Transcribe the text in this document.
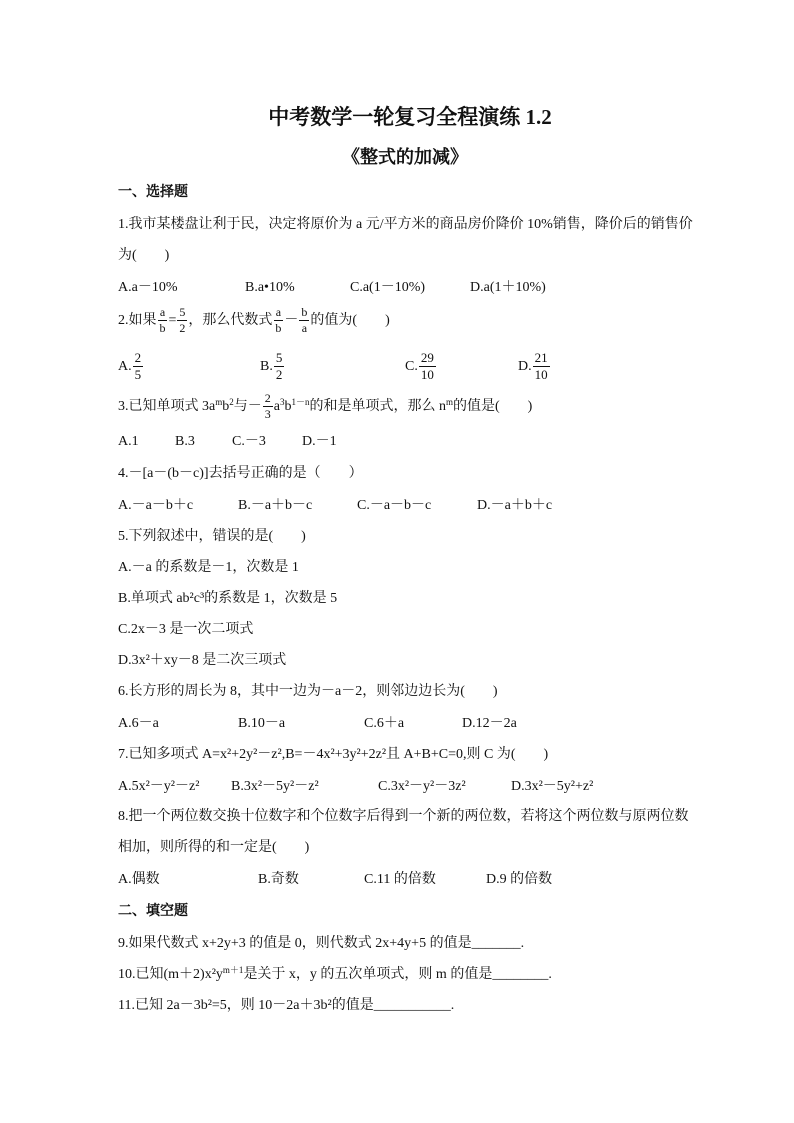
中考数学一轮复习全程演练 1.2
《整式的加减》
一、选择题
1.我市某楼盘让利于民，决定将原价为 a 元/平方米的商品房价降价 10%销售，降价后的销售价为(　　)
A.a－10%	B.a•10%	C.a(1－10%)	D.a(1＋10%)
2.如果 $\frac{a}{b} = \frac{5}{2}$ ，那么代数式 $\frac{a}{b} - \frac{b}{a}$ 的值为(　　)
A. $\frac{2}{5}$	B. $\frac{5}{2}$	C. $\frac{29}{10}$	D. $\frac{21}{10}$
3.已知单项式 $3a^mb^2$与－ $\frac{2}{3} a^3b^{1-n}$的和是单项式，那么 $n^m$的值是(　　)
A.1	B.3	C.－3	D.－1
4.－[a－(b－c)]去括号正确的是（　　）
A.－a－b＋c	B.－a＋b－c	C.－a－b－c	D.－a＋b＋c
5.下列叙述中，错误的是(　　)
A.－a 的系数是－1，次数是 1
B.单项式 ab²c³的系数是 1，次数是 5
C.2x－3 是一次二项式
D.3x²＋xy－8 是二次三项式
6.长方形的周长为 8，其中一边为－a－2，则邻边边长为(　　)
A.6－a	B.10－a	C.6＋a	D.12－2a
7.已知多项式 A=x²+2y²－z²,B=－4x²+3y²+2z²且 A+B+C=0,则 C 为(　　)
A.5x²－y²－z² B.3x²－5y²－z²	C.3x²－y²－3z²	D.3x²－5y²+z²
8.把一个两位数交换十位数字和个位数字后得到一个新的两位数，若将这个两位数与原两位数相加，则所得的和一定是(　　)
A.偶数	B.奇数	C.11 的倍数	D.9 的倍数
二、填空题
9.如果代数式 x+2y+3 的值是 0，则代数式 2x+4y+5 的值是_______.
10.已知$(m+2)x^2y^{m+1}$是关于 x，y 的五次单项式，则 m 的值是________.
11.已知 2a－3b²=5，则 10－2a＋3b²的值是___________.
